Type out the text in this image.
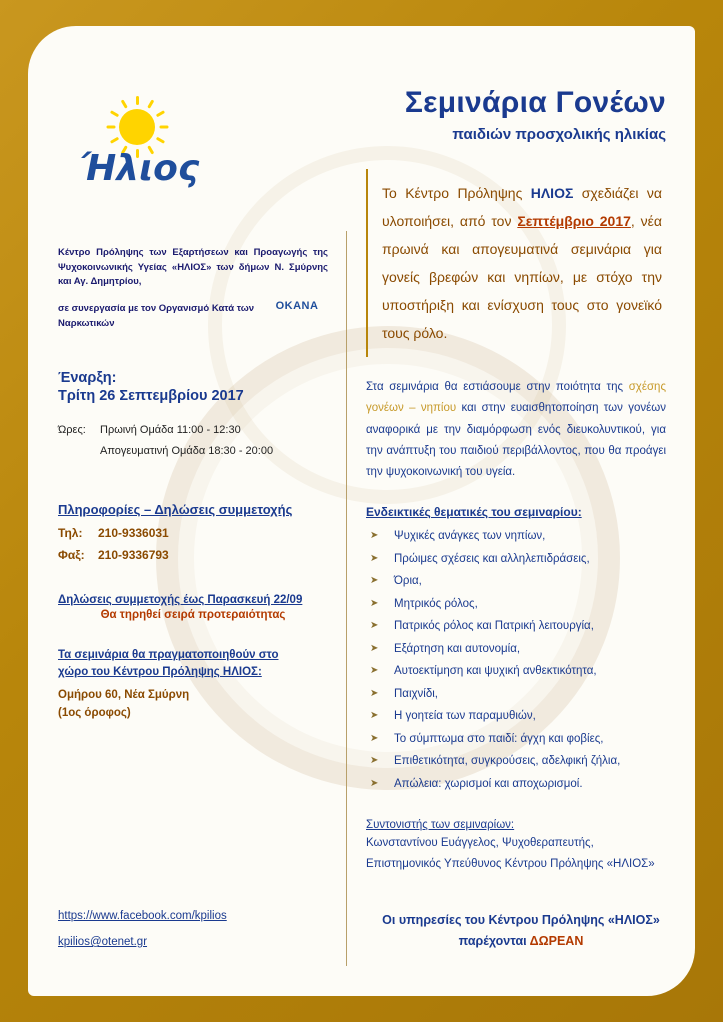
Ήλιος
Κέντρο Πρόληψης των Εξαρτήσεων και Προαγωγής της Ψυχοκοινωνικής Υγείας «ΗΛΙΟΣ» των δήμων Ν. Σμύρνης και Αγ. Δημητρίου,
σε συνεργασία με τον Οργανισμό Κατά των Ναρκωτικών
ΟΚΑΝΑ
Έναρξη:
Τρίτη 26 Σεπτεμβρίου 2017
Ώρες: Πρωινή Ομάδα 11:00 - 12:30
Απογευματινή Ομάδα 18:30 - 20:00
Πληροφορίες – Δηλώσεις συμμετοχής
Τηλ: 210-9336031
Φαξ: 210-9336793
Δηλώσεις συμμετοχής έως Παρασκευή 22/09
Θα τηρηθεί σειρά προτεραιότητας
Τα σεμινάρια θα πραγματοποιηθούν στο
χώρο του Κέντρου Πρόληψης ΗΛΙΟΣ:
Ομήρου 60, Νέα Σμύρνη
(1ος όροφος)
https://www.facebook.com/kpilios
kpilios@otenet.gr
Σεμινάρια Γονέων
παιδιών προσχολικής ηλικίας
Το Κέντρο Πρόληψης ΗΛΙΟΣ σχεδιάζει να υλοποιήσει, από τον Σεπτέμβριο 2017, νέα πρωινά και απογευματινά σεμινάρια για γονείς βρεφών και νηπίων, με στόχο την υποστήριξη και ενίσχυση τους στο γονεϊκό τους ρόλο.
Στα σεμινάρια θα εστιάσουμε στην ποιότητα της σχέσης γονέων – νηπίου και στην ευαισθητοποίηση των γονέων αναφορικά με την διαμόρφωση ενός διευκολυντικού, για την ανάπτυξη του παιδιού περιβάλλοντος, που θα προάγει την ψυχοκοινωνική του υγεία.
Ενδεικτικές θεματικές του σεμιναρίου:
➤ Ψυχικές ανάγκες των νηπίων,
➤ Πρώιμες σχέσεις και αλληλεπιδράσεις,
➤ Όρια,
➤ Μητρικός ρόλος,
➤ Πατρικός ρόλος και Πατρική λειτουργία,
➤ Εξάρτηση και αυτονομία,
➤ Αυτοεκτίμηση και ψυχική ανθεκτικότητα,
➤ Παιχνίδι,
➤ Η γοητεία των παραμυθιών,
➤ Το σύμπτωμα στο παιδί: άγχη και φοβίες,
➤ Επιθετικότητα, συγκρούσεις, αδελφική ζήλια,
➤ Απώλεια: χωρισμοί και αποχωρισμοί.
Συντονιστής των σεμιναρίων:
Κωνσταντίνου Ευάγγελος, Ψυχοθεραπευτής,
Επιστημονικός Υπεύθυνος Κέντρου Πρόληψης «ΗΛΙΟΣ»
Οι υπηρεσίες του Κέντρου Πρόληψης «ΗΛΙΟΣ»
παρέχονται ΔΩΡΕΑΝ
